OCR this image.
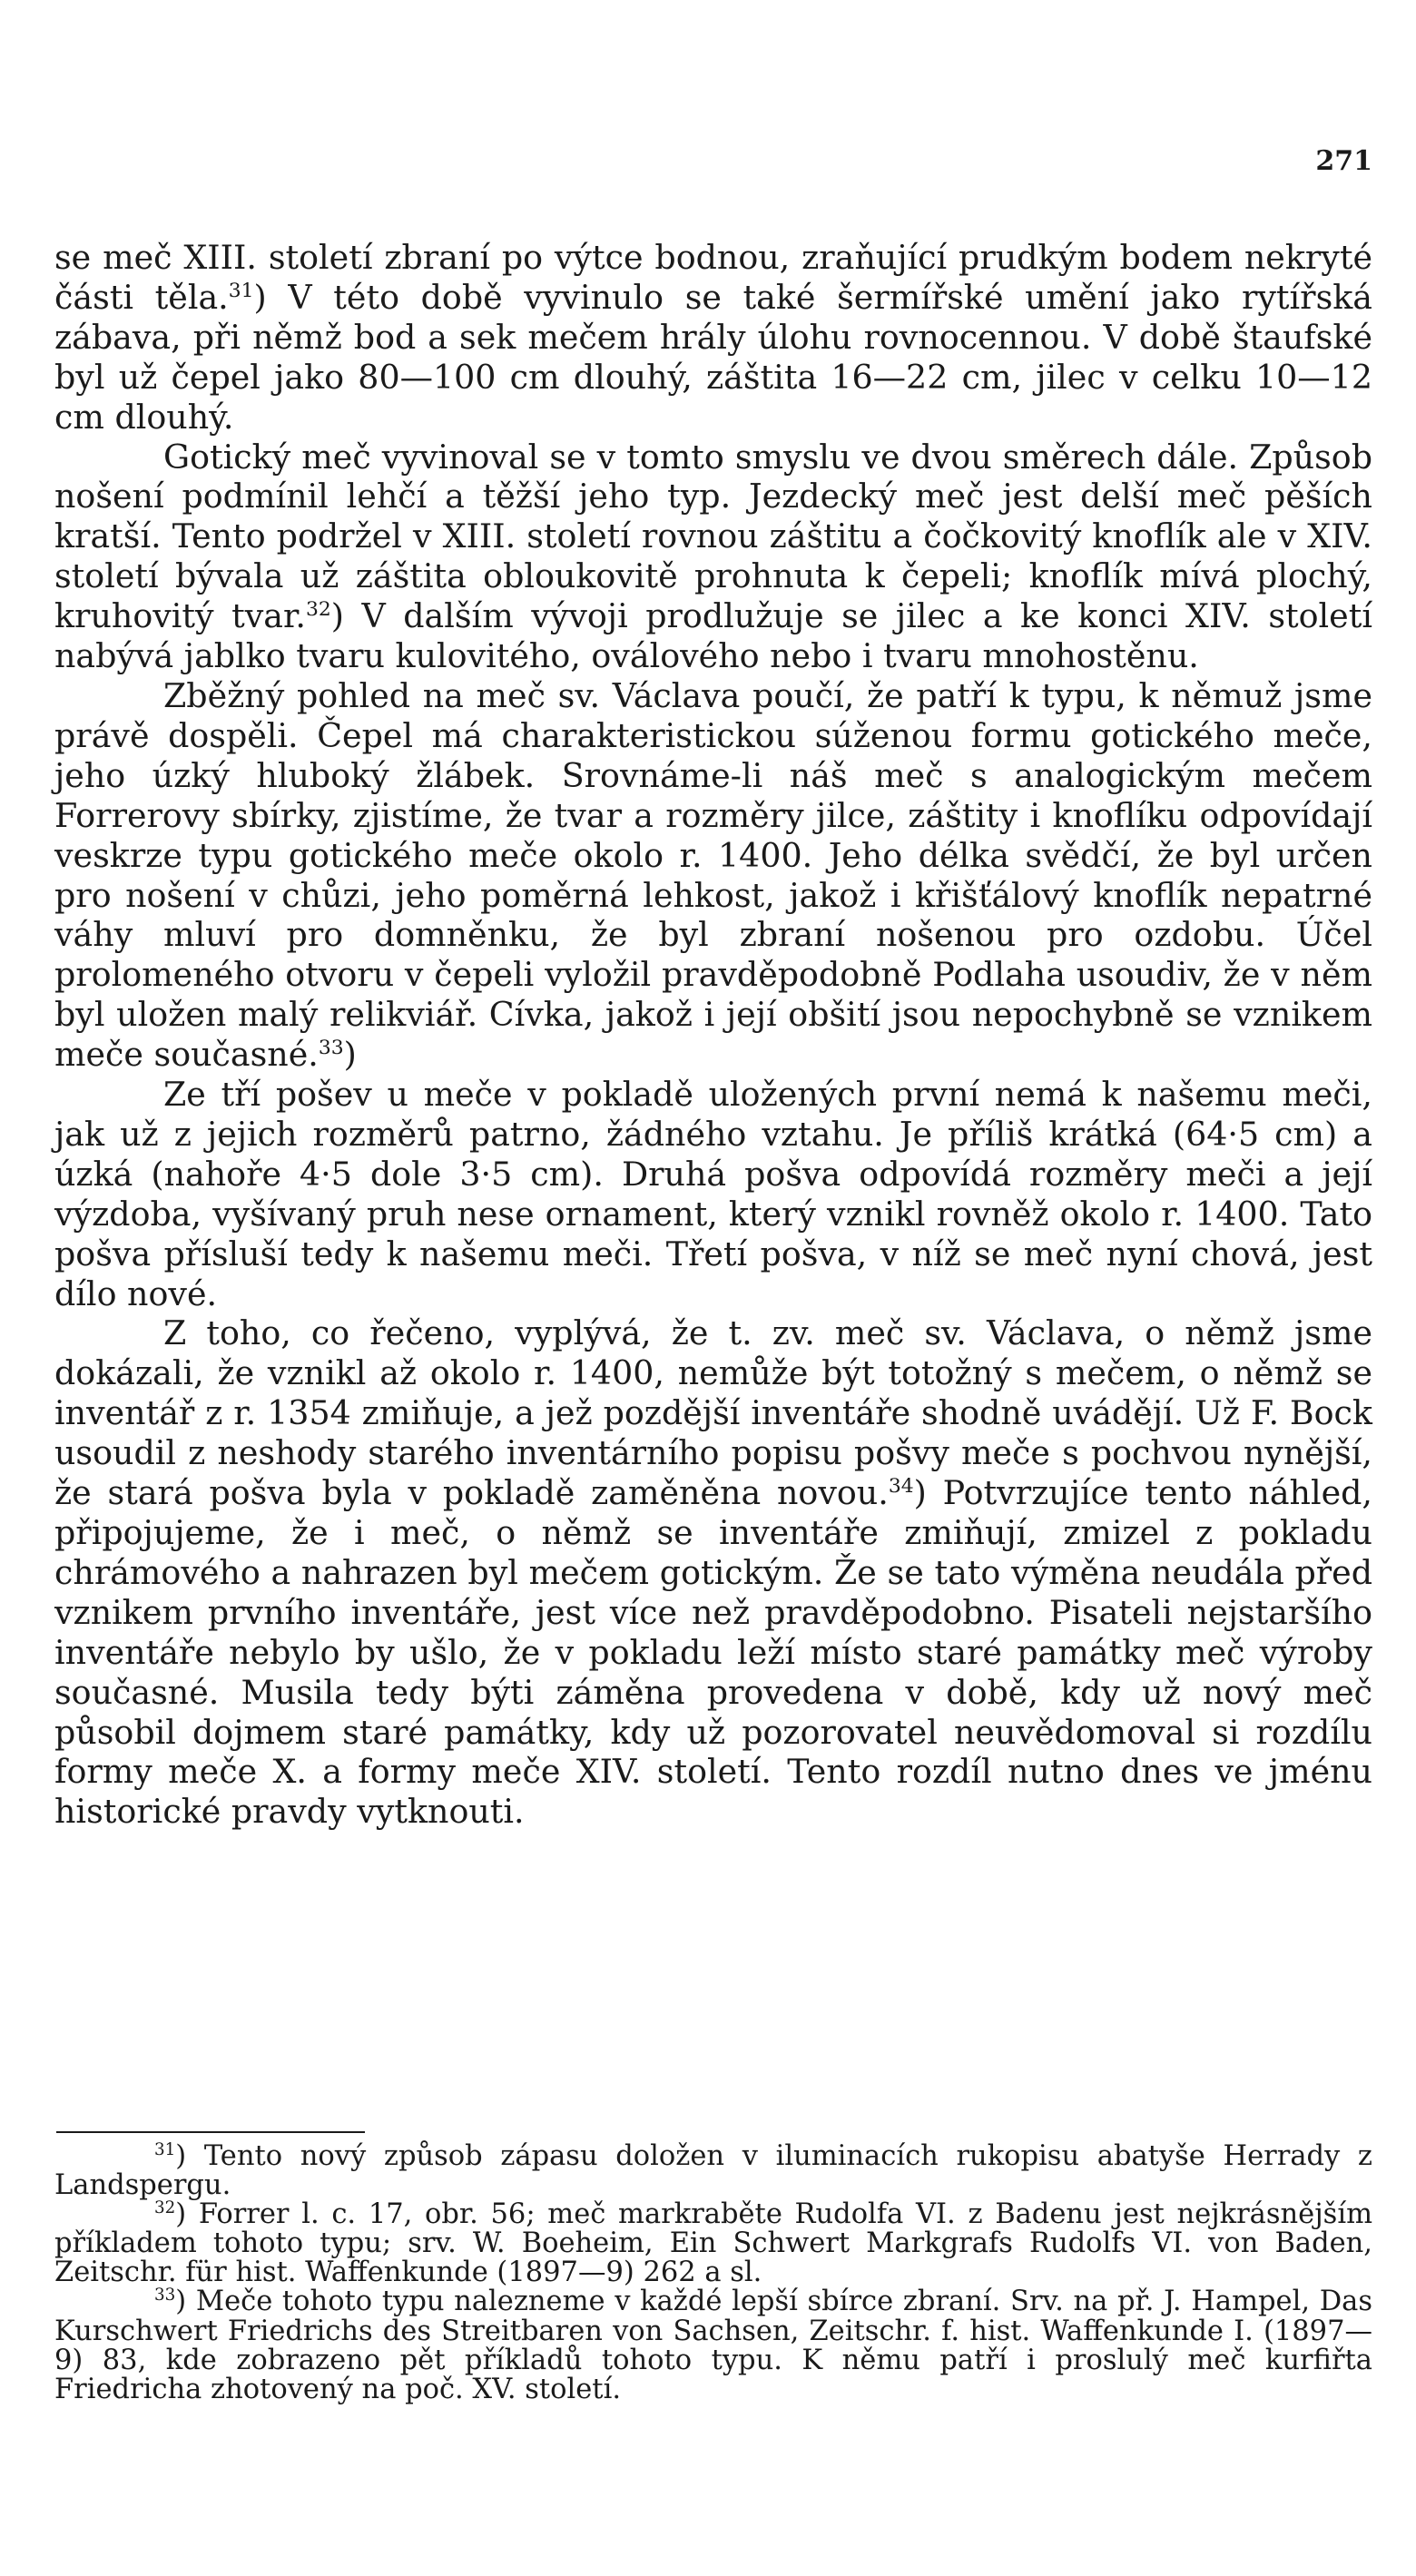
271

se meč XIII. století zbraní po výtce bodnou, zraňující prudkým bodem nekryté části těla.$^{31}$) V této době vyvinulo se také šermířské umění jako rytířská zábava, při němž bod a sek mečem hrály úlohu rovnocennou. V době štaufské byl už čepel jako 80—100 cm dlouhý, záštita 16—22 cm, jilec v celku 10—12 cm dlouhý.

Gotický meč vyvinoval se v tomto smyslu ve dvou směrech dále. Způsob nošení podmínil lehčí a těžší jeho typ. Jezdecký meč jest delší meč pěších kratší. Tento podržel v XIII. století rovnou záštitu a čočkovitý knoflík ale v XIV. století bývala už záštita obloukovitě prohnuta k čepeli; knoflík mívá plochý, kruhovitý tvar.$^{32}$) V dalším vývoji prodlužuje se jilec a ke konci XIV. století nabývá jablko tvaru kulovitého, oválového nebo i tvaru mnohostěnu.

Zběžný pohled na meč sv. Václava poučí, že patří k typu, k němuž jsme právě dospěli. Čepel má charakteristickou súženou formu gotického meče, jeho úzký hluboký žlábek. Srovnáme-li náš meč s analogickým mečem Forrerovy sbírky, zjistíme, že tvar a rozměry jilce, záštity i knoflíku odpovídají veskrze typu gotického meče okolo r. 1400. Jeho délka svědčí, že byl určen pro nošení v chůzi, jeho poměrná lehkost, jakož i křišťálový knoflík nepatrné váhy mluví pro domněnku, že byl zbraní nošenou pro ozdobu. Účel prolomeného otvoru v čepeli vyložil pravděpodobně Podlaha usoudiv, že v něm byl uložen malý relikviář. Cívka, jakož i její obšití jsou nepochybně se vznikem meče současné.$^{33}$)

Ze tří pošev u meče v pokladě uložených první nemá k našemu meči, jak už z jejich rozměrů patrno, žádného vztahu. Je příliš krátká (64·5 cm) a úzká (nahoře 4·5 dole 3·5 cm). Druhá pošva odpovídá rozměry meči a její výzdoba, vyšívaný pruh nese ornament, který vznikl rovněž okolo r. 1400. Tato pošva přísluší tedy k našemu meči. Třetí pošva, v níž se meč nyní chová, jest dílo nové.

Z toho, co řečeno, vyplývá, že t. zv. meč sv. Václava, o němž jsme dokázali, že vznikl až okolo r. 1400, nemůže být totožný s mečem, o němž se inventář z r. 1354 zmiňuje, a jež pozdější inventáře shodně uvádějí. Už F. Bock usoudil z neshody starého inventárního popisu pošvy meče s pochvou nynější, že stará pošva byla v pokladě zaměněna novou.$^{34}$) Potvrzujíce tento náhled, připojujeme, že i meč, o němž se inventáře zmiňují, zmizel z pokladu chrámového a nahrazen byl mečem gotickým. Že se tato výměna neudála před vznikem prvního inventáře, jest více než pravděpodobno. Pisateli nejstaršího inventáře nebylo by ušlo, že v pokladu leží místo staré památky meč výroby současné. Musila tedy býti záměna provedena v době, kdy už nový meč působil dojmem staré památky, kdy už pozorovatel neuvědomoval si rozdílu formy meče X. a formy meče XIV. století. Tento rozdíl nutno dnes ve jménu historické pravdy vytknouti.

$^{31}$) Tento nový způsob zápasu doložen v iluminacích rukopisu abatyše Herrady z Landspergu.

$^{32}$) Forrer l. c. 17, obr. 56; meč markraběte Rudolfa VI. z Badenu jest nejkrásnějším příkladem tohoto typu; srv. W. Boeheim, Ein Schwert Markgrafs Rudolfs VI. von Baden, Zeitschr. für hist. Waffenkunde (1897—9) 262 a sl.

$^{33}$) Meče tohoto typu nalezneme v každé lepší sbírce zbraní. Srv. na př. J. Hampel, Das Kurschwert Friedrichs des Streitbaren von Sachsen, Zeitschr. f. hist. Waffenkunde I. (1897—9) 83, kde zobrazeno pět příkladů tohoto typu. K němu patří i proslulý meč kurfiřta Friedricha zhotovený na poč. XV. století.
